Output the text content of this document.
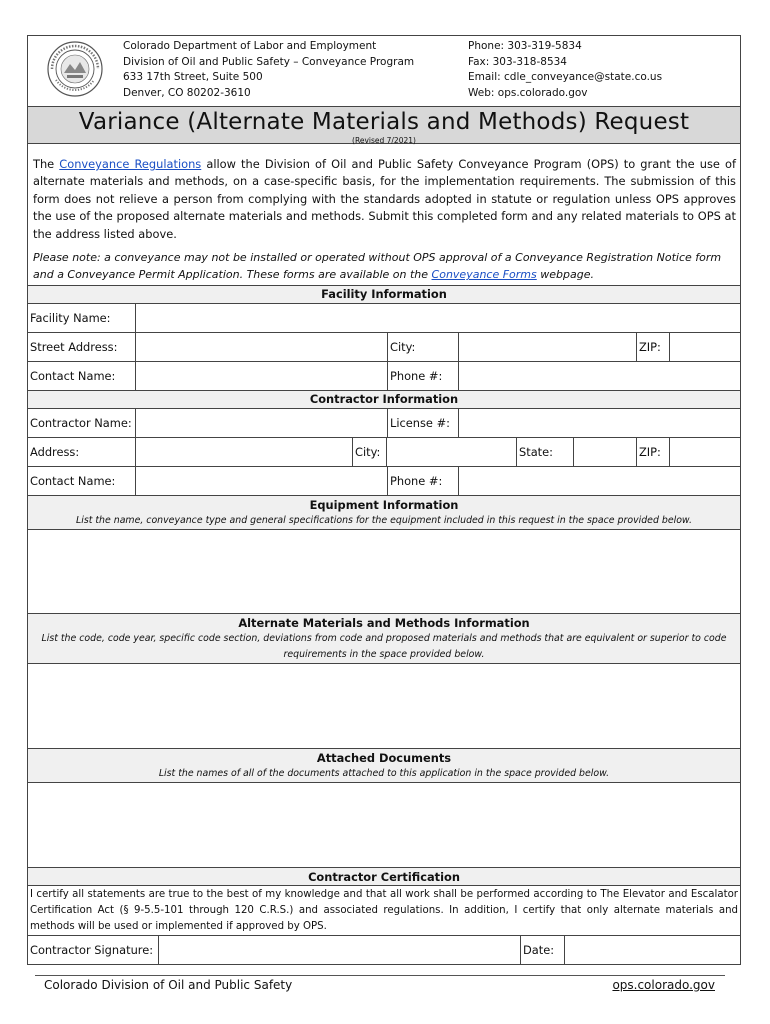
Colorado Department of Labor and Employment
Division of Oil and Public Safety – Conveyance Program
633 17th Street, Suite 500
Denver, CO 80202-3610
Phone: 303-319-5834
Fax: 303-318-8534
Email: cdle_conveyance@state.co.us
Web: ops.colorado.gov
Variance (Alternate Materials and Methods) Request
(Revised 7/2021)
The Conveyance Regulations allow the Division of Oil and Public Safety Conveyance Program (OPS) to grant the use of alternate materials and methods, on a case-specific basis, for the implementation requirements. The submission of this form does not relieve a person from complying with the standards adopted in statute or regulation unless OPS approves the use of the proposed alternate materials and methods. Submit this completed form and any related materials to OPS at the address listed above.
Please note: a conveyance may not be installed or operated without OPS approval of a Conveyance Registration Notice form and a Conveyance Permit Application. These forms are available on the Conveyance Forms webpage.
Facility Information
Facility Name:
Street Address:	City:	ZIP:
Contact Name:	Phone #:
Contractor Information
Contractor Name:	License #:
Address:	City:	State:	ZIP:
Contact Name:	Phone #:
Equipment Information
List the name, conveyance type and general specifications for the equipment included in this request in the space provided below.
Alternate Materials and Methods Information
List the code, code year, specific code section, deviations from code and proposed materials and methods that are equivalent or superior to code requirements in the space provided below.
Attached Documents
List the names of all of the documents attached to this application in the space provided below.
Contractor Certification
I certify all statements are true to the best of my knowledge and that all work shall be performed according to The Elevator and Escalator Certification Act (§ 9-5.5-101 through 120 C.R.S.) and associated regulations. In addition, I certify that only alternate materials and methods will be used or implemented if approved by OPS.
Contractor Signature:	Date:
Colorado Division of Oil and Public Safety	ops.colorado.gov
